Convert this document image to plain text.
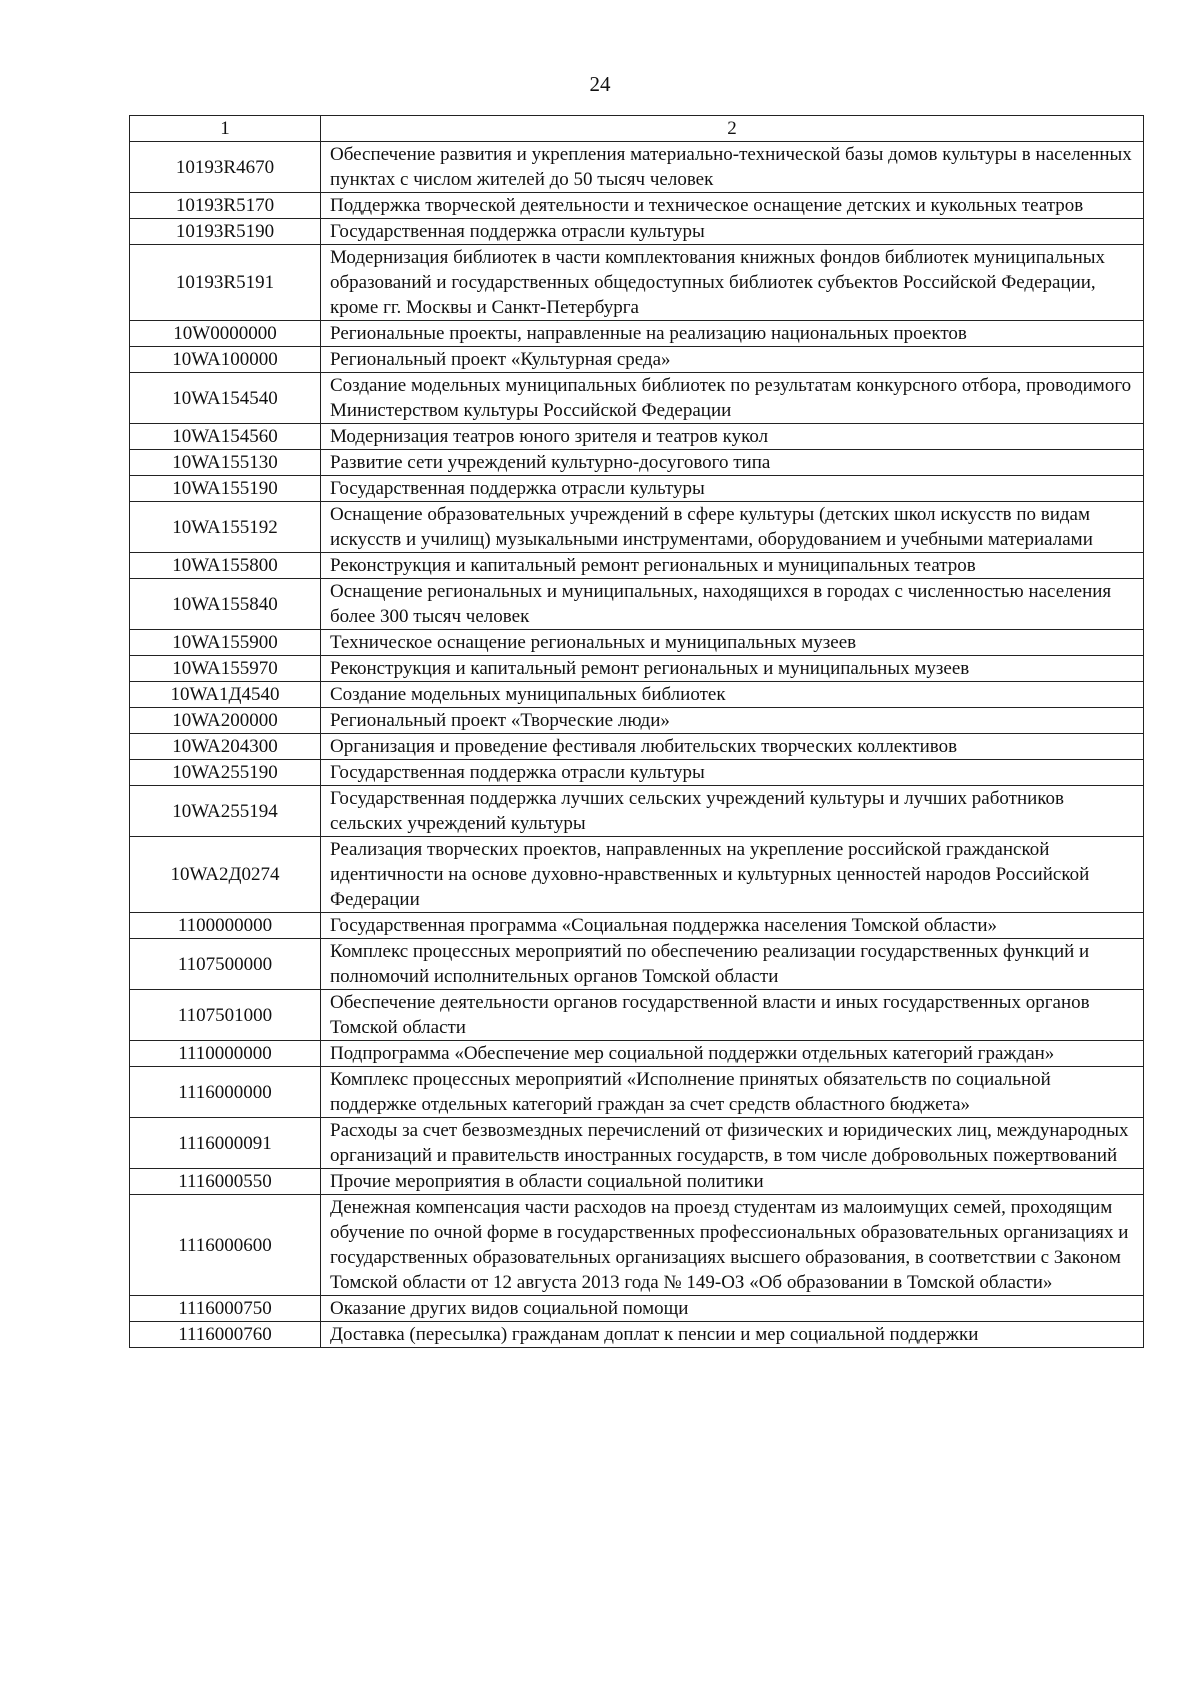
24
1	2
10193R4670	Обеспечение развития и укрепления материально-технической базы домов культуры в населенных пунктах с числом жителей до 50 тысяч человек
10193R5170	Поддержка творческой деятельности и техническое оснащение детских и кукольных театров
10193R5190	Государственная поддержка отрасли культуры
10193R5191	Модернизация библиотек в части комплектования книжных фондов библиотек муниципальных образований и государственных общедоступных библиотек субъектов Российской Федерации, кроме гг. Москвы и Санкт-Петербурга
10W0000000	Региональные проекты, направленные на реализацию национальных проектов
10WA100000	Региональный проект «Культурная среда»
10WA154540	Создание модельных муниципальных библиотек по результатам конкурсного отбора, проводимого Министерством культуры Российской Федерации
10WA154560	Модернизация театров юного зрителя и театров кукол
10WA155130	Развитие сети учреждений культурно-досугового типа
10WA155190	Государственная поддержка отрасли культуры
10WA155192	Оснащение образовательных учреждений в сфере культуры (детских школ искусств по видам искусств и училищ) музыкальными инструментами, оборудованием и учебными материалами
10WA155800	Реконструкция и капитальный ремонт региональных и муниципальных театров
10WA155840	Оснащение региональных и муниципальных, находящихся в городах с численностью населения более 300 тысяч человек
10WA155900	Техническое оснащение региональных и муниципальных музеев
10WA155970	Реконструкция и капитальный ремонт региональных и муниципальных музеев
10WA1Д4540	Создание модельных муниципальных библиотек
10WA200000	Региональный проект «Творческие люди»
10WA204300	Организация и проведение фестиваля любительских творческих коллективов
10WA255190	Государственная поддержка отрасли культуры
10WA255194	Государственная поддержка лучших сельских учреждений культуры и лучших работников сельских учреждений культуры
10WA2Д0274	Реализация творческих проектов, направленных на укрепление российской гражданской идентичности на основе духовно-нравственных и культурных ценностей народов Российской Федерации
1100000000	Государственная программа «Социальная поддержка населения Томской области»
1107500000	Комплекс процессных мероприятий по обеспечению реализации государственных функций и полномочий исполнительных органов Томской области
1107501000	Обеспечение деятельности органов государственной власти и иных государственных органов Томской области
1110000000	Подпрограмма «Обеспечение мер социальной поддержки отдельных категорий граждан»
1116000000	Комплекс процессных мероприятий «Исполнение принятых обязательств по социальной поддержке отдельных категорий граждан за счет средств областного бюджета»
1116000091	Расходы за счет безвозмездных перечислений от физических и юридических лиц, международных организаций и правительств иностранных государств, в том числе добровольных пожертвований
1116000550	Прочие мероприятия в области социальной политики
1116000600	Денежная компенсация части расходов на проезд студентам из малоимущих семей, проходящим обучение по очной форме в государственных профессиональных образовательных организациях и государственных образовательных организациях высшего образования, в соответствии с Законом Томской области от 12 августа 2013 года № 149-ОЗ «Об образовании в Томской области»
1116000750	Оказание других видов социальной помощи
1116000760	Доставка (пересылка) гражданам доплат к пенсии и мер социальной поддержки
